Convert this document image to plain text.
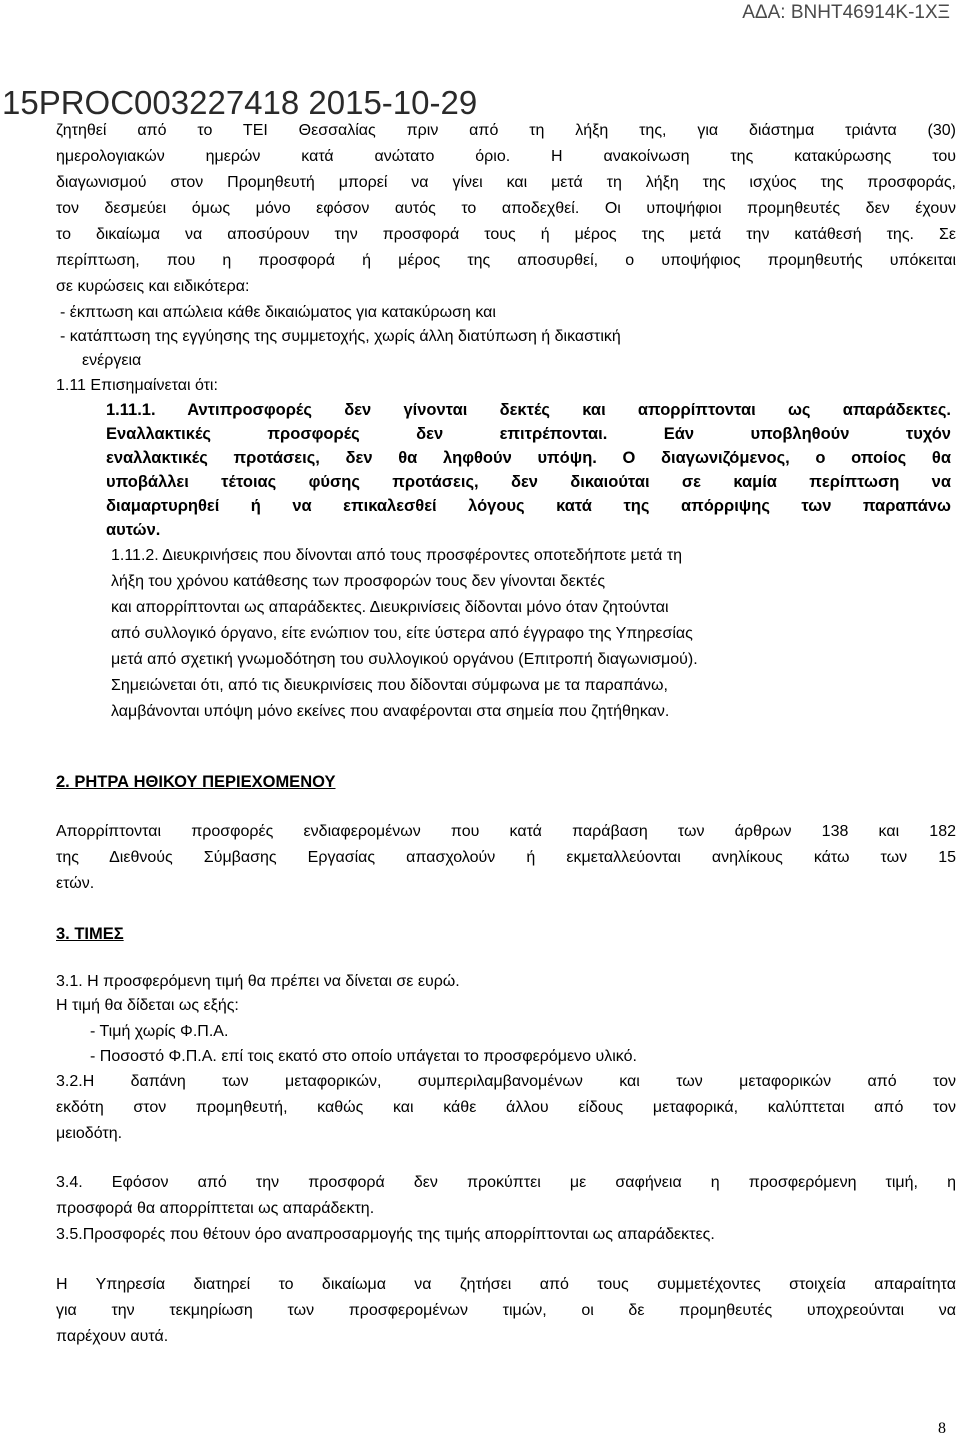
ΑΔΑ: ΒΝΗΤ46914Κ-1ΧΞ
15PROC003227418 2015-10-29
ζητηθεί από το ΤΕΙ Θεσσαλίας πριν από τη λήξη της, για διάστημα τριάντα (30)
ημερολογιακών ημερών κατά ανώτατο όριο. Η ανακοίνωση της κατακύρωσης του
διαγωνισμού στον Προμηθευτή μπορεί να γίνει και μετά τη λήξη της ισχύος της προσφοράς,
τον δεσμεύει όμως μόνο εφόσον αυτός το αποδεχθεί. Οι υποψήφιοι προμηθευτές δεν έχουν
το δικαίωμα να αποσύρουν την προσφορά τους ή μέρος της μετά την κατάθεσή της. Σε
περίπτωση, που η προσφορά ή μέρος της αποσυρθεί, ο υποψήφιος προμηθευτής υπόκειται
σε κυρώσεις και ειδικότερα:
- έκπτωση και απώλεια κάθε δικαιώματος για κατακύρωση και
- κατάπτωση της εγγύησης της συμμετοχής, χωρίς άλλη διατύπωση ή δικαστική
ενέργεια
1.11 Επισημαίνεται ότι:
1.11.1. Αντιπροσφορές δεν γίνονται δεκτές και απορρίπτονται ως απαράδεκτες.
Εναλλακτικές προσφορές δεν επιτρέπονται. Εάν υποβληθούν τυχόν
εναλλακτικές προτάσεις, δεν θα ληφθούν υπόψη. Ο διαγωνιζόμενος, ο οποίος θα
υποβάλλει τέτοιας φύσης προτάσεις, δεν δικαιούται σε καμία περίπτωση να
διαμαρτυρηθεί ή να επικαλεσθεί λόγους κατά της απόρριψης των παραπάνω
αυτών.
1.11.2. Διευκρινήσεις που δίνονται από τους προσφέροντες οποτεδήποτε μετά τη
λήξη του χρόνου κατάθεσης των προσφορών τους δεν γίνονται δεκτές
και απορρίπτονται ως απαράδεκτες. Διευκρινίσεις δίδονται μόνο όταν ζητούνται
από συλλογικό όργανο, είτε ενώπιον του, είτε ύστερα από έγγραφο της Υπηρεσίας
μετά από σχετική γνωμοδότηση του συλλογικού οργάνου (Επιτροπή διαγωνισμού).
Σημειώνεται ότι, από τις διευκρινίσεις που δίδονται σύμφωνα με τα παραπάνω,
λαμβάνονται υπόψη μόνο εκείνες που αναφέρονται στα σημεία που ζητήθηκαν.
2. ΡΗΤΡΑ ΗΘΙΚΟΥ ΠΕΡΙΕΧΟΜΕΝΟΥ
Απορρίπτονται προσφορές ενδιαφερομένων που κατά παράβαση των άρθρων 138 και 182
της Διεθνούς Σύμβασης Εργασίας απασχολούν ή εκμεταλλεύονται ανηλίκους κάτω των 15
ετών.
3. ΤΙΜΕΣ
3.1. Η προσφερόμενη τιμή θα πρέπει να δίνεται σε ευρώ.
Η τιμή θα δίδεται ως εξής:
- Τιμή χωρίς Φ.Π.Α.
- Ποσοστό Φ.Π.Α. επί τοις εκατό στο οποίο υπάγεται το προσφερόμενο υλικό.
3.2.Η δαπάνη των μεταφορικών, συμπεριλαμβανομένων και των μεταφορικών από τον
εκδότη στον προμηθευτή, καθώς και κάθε άλλου είδους μεταφορικά, καλύπτεται από τον
μειοδότη.
3.4. Εφόσον από την προσφορά δεν προκύπτει με σαφήνεια η προσφερόμενη τιμή, η
προσφορά θα απορρίπτεται ως απαράδεκτη.
3.5.Προσφορές που θέτουν όρο αναπροσαρμογής της τιμής απορρίπτονται ως απαράδεκτες.
Η Υπηρεσία διατηρεί το δικαίωμα να ζητήσει από τους συμμετέχοντες στοιχεία απαραίτητα
για την τεκμηρίωση των προσφερομένων τιμών, οι δε προμηθευτές υποχρεούνται να
παρέχουν αυτά.
8
